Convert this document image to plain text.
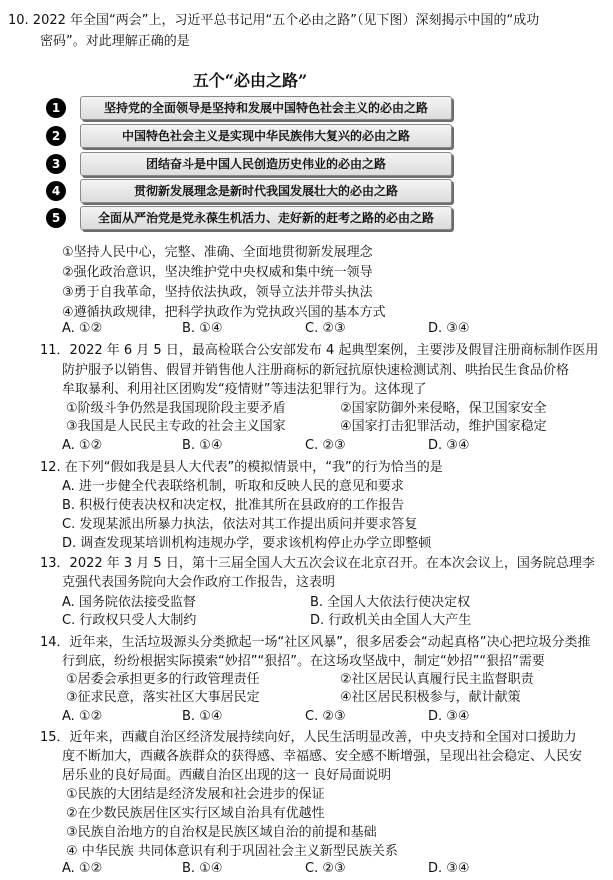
10. 2022 年全国“两会”上，习近平总书记用“五个必由之路”（见下图）深刻揭示中国的“成功
密码”。对此理解正确的是
五个“必由之路”
1	坚持党的全面领导是坚持和发展中国特色社会主义的必由之路
2	中国特色社会主义是实现中华民族伟大复兴的必由之路
3	团结奋斗是中国人民创造历史伟业的必由之路
4	贯彻新发展理念是新时代我国发展壮大的必由之路
5	全面从严治党是党永葆生机活力、走好新的赶考之路的必由之路
①坚持人民中心，完整、准确、全面地贯彻新发展理念
②强化政治意识，坚决维护党中央权威和集中统一领导
③勇于自我革命，坚持依法执政，领导立法并带头执法
④遵循执政规律，把科学执政作为党执政兴国的基本方式
A. ①②	B. ①④	C. ②③	D. ③④
11．2022 年 6 月 5 日，最高检联合公安部发布 4 起典型案例，主要涉及假冒注册商标制作医用
防护服予以销售、假冒并销售他人注册商标的新冠抗原快速检测试剂、哄抬民生食品价格
牟取暴利、利用社区团购发“疫情财”等违法犯罪行为。这体现了
①阶级斗争仍然是我国现阶段主要矛盾	②国家防御外来侵略，保卫国家安全
③我国是人民民主专政的社会主义国家	④国家打击犯罪活动，维护国家稳定
A. ①②	B. ①④	C. ②③	D. ③④
12. 在下列“假如我是县人大代表”的模拟情景中，“我”的行为恰当的是
A. 进一步健全代表联络机制，听取和反映人民的意见和要求
B. 积极行使表决权和决定权，批准其所在县政府的工作报告
C. 发现某派出所暴力执法，依法对其工作提出质问并要求答复
D. 调查发现某培训机构违规办学，要求该机构停止办学立即整顿
13．2022 年 3 月 5 日，第十三届全国人大五次会议在北京召开。在本次会议上，国务院总理李
克强代表国务院向大会作政府工作报告，这表明
A. 国务院依法接受监督	B. 全国人大依法行使决定权
C. 行政权只受人大制约	D. 行政机关由全国人大产生
14．近年来，生活垃圾源头分类掀起一场“社区风暴”，很多居委会“动起真格”决心把垃圾分类推
行到底，纷纷根据实际摸索“妙招”“狠招”。在这场攻坚战中，制定“妙招”“狠招”需要
①居委会承担更多的行政管理责任	②社区居民认真履行民主监督职责
③征求民意，落实社区大事居民定	④社区居民积极参与，献计献策
A. ①②	B. ①④	C. ②③	D. ③④
15．近年来，西藏自治区经济发展持续向好，人民生活明显改善，中央支持和全国对口援助力
度不断加大，西藏各族群众的获得感、幸福感、安全感不断增强，呈现出社会稳定、人民安
居乐业的良好局面。西藏自治区出现的这一 良好局面说明
①民族的大团结是经济发展和社会进步的保证
②在少数民族居住区实行区域自治具有优越性
③民族自治地方的自治权是民族区域自治的前提和基础
④ 中华民族 共同体意识有利于巩固社会主义新型民族关系
A. ①②	B. ①④	C. ②③	D. ③④
